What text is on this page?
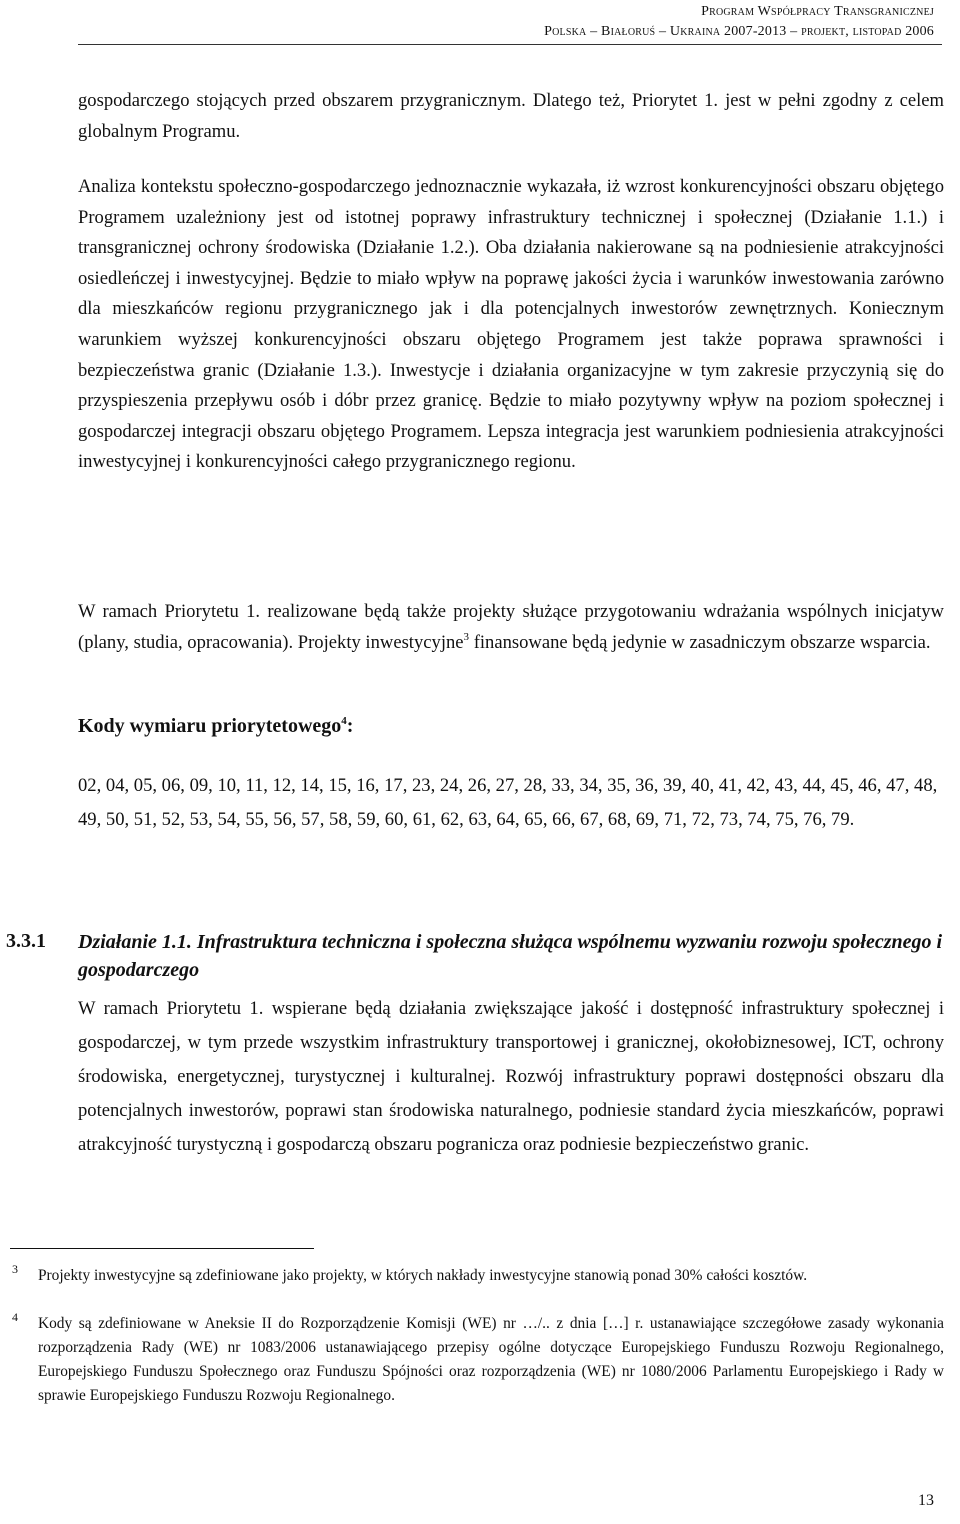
Program Współpracy Transgranicznej
Polska – Białoruś – Ukraina 2007-2013 – projekt, listopad 2006

gospodarczego stojących przed obszarem przygranicznym. Dlatego też, Priorytet 1. jest w pełni zgodny z celem globalnym Programu.

Analiza kontekstu społeczno-gospodarczego jednoznacznie wykazała, iż wzrost konkurencyjności obszaru objętego Programem uzależniony jest od istotnej poprawy infrastruktury technicznej i społecznej (Działanie 1.1.) i transgranicznej ochrony środowiska (Działanie 1.2.). Oba działania nakierowane są na podniesienie atrakcyjności osiedleńczej i inwestycyjnej. Będzie to miało wpływ na poprawę jakości życia i warunków inwestowania zarówno dla mieszkańców regionu przygranicznego jak i dla potencjalnych inwestorów zewnętrznych. Koniecznym warunkiem wyższej konkurencyjności obszaru objętego Programem jest także poprawa sprawności i bezpieczeństwa granic (Działanie 1.3.). Inwestycje i działania organizacyjne w tym zakresie przyczynią się do przyspieszenia przepływu osób i dóbr przez granicę. Będzie to miało pozytywny wpływ na poziom społecznej i gospodarczej integracji obszaru objętego Programem. Lepsza integracja jest warunkiem podniesienia atrakcyjności inwestycyjnej i konkurencyjności całego przygranicznego regionu.

W ramach Priorytetu 1. realizowane będą także projekty służące przygotowaniu wdrażania wspólnych inicjatyw (plany, studia, opracowania). Projekty inwestycyjne$^3$ finansowane będą jedynie w zasadniczym obszarze wsparcia.

Kody wymiaru priorytetowego$^4$:
02, 04, 05, 06, 09, 10, 11, 12, 14, 15, 16, 17, 23, 24, 26, 27, 28, 33, 34, 35, 36, 39, 40, 41, 42, 43, 44, 45, 46, 47, 48, 49, 50, 51, 52, 53, 54, 55, 56, 57, 58, 59, 60, 61, 62, 63, 64, 65, 66, 67, 68, 69, 71, 72, 73, 74, 75, 76, 79.
3.3.1 Działanie 1.1. Infrastruktura techniczna i społeczna służąca wspólnemu wyzwaniu rozwoju społecznego i gospodarczego

W ramach Priorytetu 1. wspierane będą działania zwiększające jakość i dostępność infrastruktury społecznej i gospodarczej, w tym przede wszystkim infrastruktury transportowej i granicznej, okołobiznesowej, ICT, ochrony środowiska, energetycznej, turystycznej i kulturalnej. Rozwój infrastruktury poprawi dostępności obszaru dla potencjalnych inwestorów, poprawi stan środowiska naturalnego, podniesie standard życia mieszkańców, poprawi atrakcyjność turystyczną i gospodarczą obszaru pogranicza oraz podniesie bezpieczeństwo granic.

3 Projekty inwestycyjne są zdefiniowane jako projekty, w których nakłady inwestycyjne stanowią ponad 30% całości kosztów.
4 Kody są zdefiniowane w Aneksie II do Rozporządzenie Komisji (WE) nr …/.. z dnia […] r. ustanawiające szczegółowe zasady wykonania rozporządzenia Rady (WE) nr 1083/2006 ustanawiającego przepisy ogólne dotyczące Europejskiego Funduszu Rozwoju Regionalnego, Europejskiego Funduszu Społecznego oraz Funduszu Spójności oraz rozporządzenia (WE) nr 1080/2006 Parlamentu Europejskiego i Rady w sprawie Europejskiego Funduszu Rozwoju Regionalnego.
13
